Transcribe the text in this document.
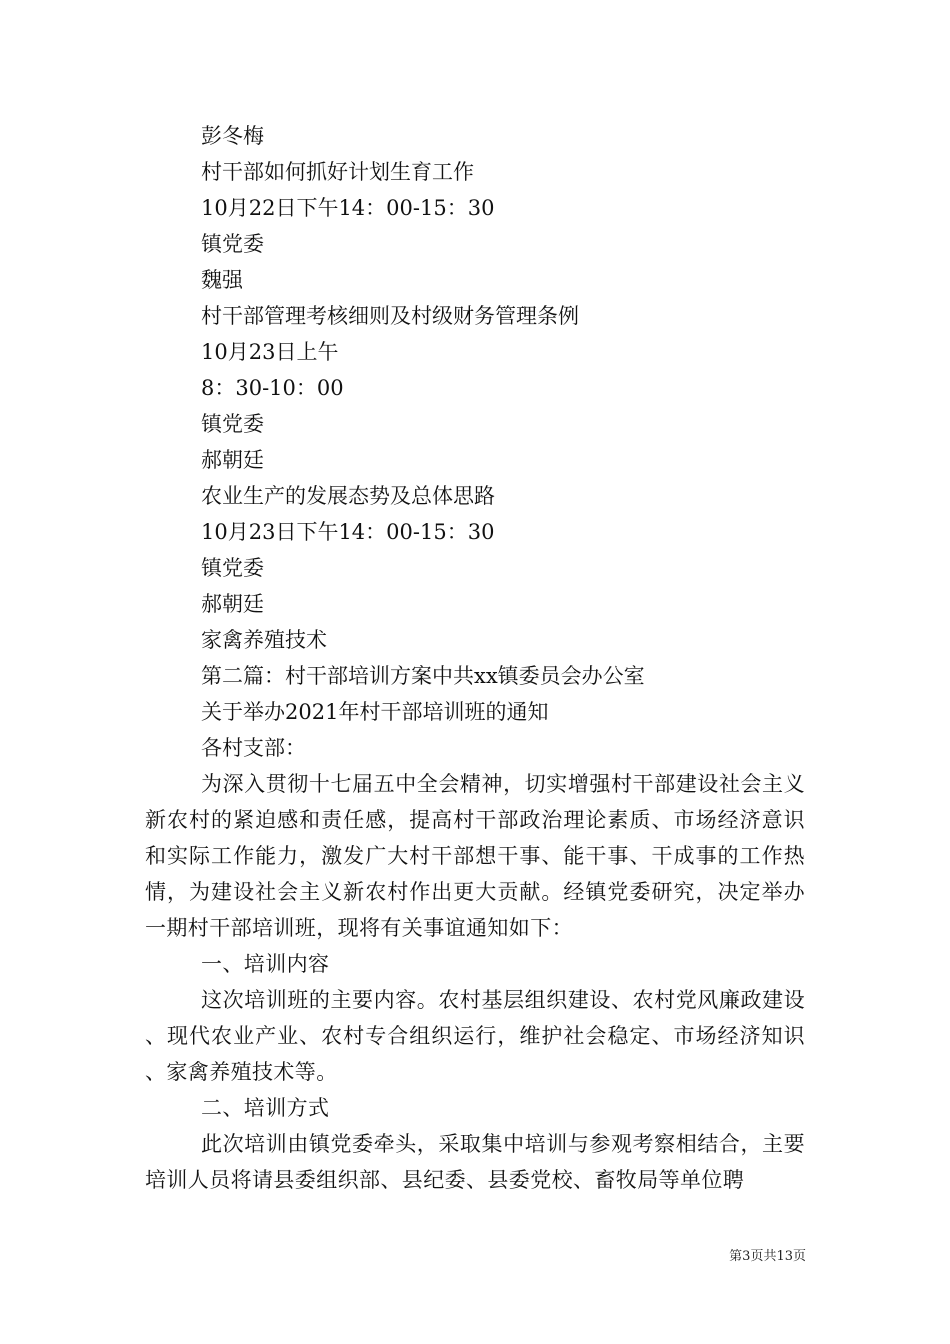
彭冬梅

村干部如何抓好计划生育工作

10月22日下午14：00-15：30

镇党委

魏强

村干部管理考核细则及村级财务管理条例

10月23日上午

8：30-10：00

镇党委

郝朝廷

农业生产的发展态势及总体思路

10月23日下午14：00-15：30

镇党委

郝朝廷

家禽养殖技术

第二篇：村干部培训方案中共xx镇委员会办公室

关于举办2021年村干部培训班的通知

各村支部：

为深入贯彻十七届五中全会精神，切实增强村干部建设社会主义新农村的紧迫感和责任感，提高村干部政治理论素质、市场经济意识和实际工作能力，激发广大村干部想干事、能干事、干成事的工作热情，为建设社会主义新农村作出更大贡献。经镇党委研究，决定举办一期村干部培训班，现将有关事谊通知如下：

一、培训内容

这次培训班的主要内容。农村基层组织建设、农村党风廉政建设、现代农业产业、农村专合组织运行，维护社会稳定、市场经济知识、家禽养殖技术等。

二、培训方式

此次培训由镇党委牵头，采取集中培训与参观考察相结合，主要培训人员将请县委组织部、县纪委、县委党校、畜牧局等单位聘

第3页共13页
